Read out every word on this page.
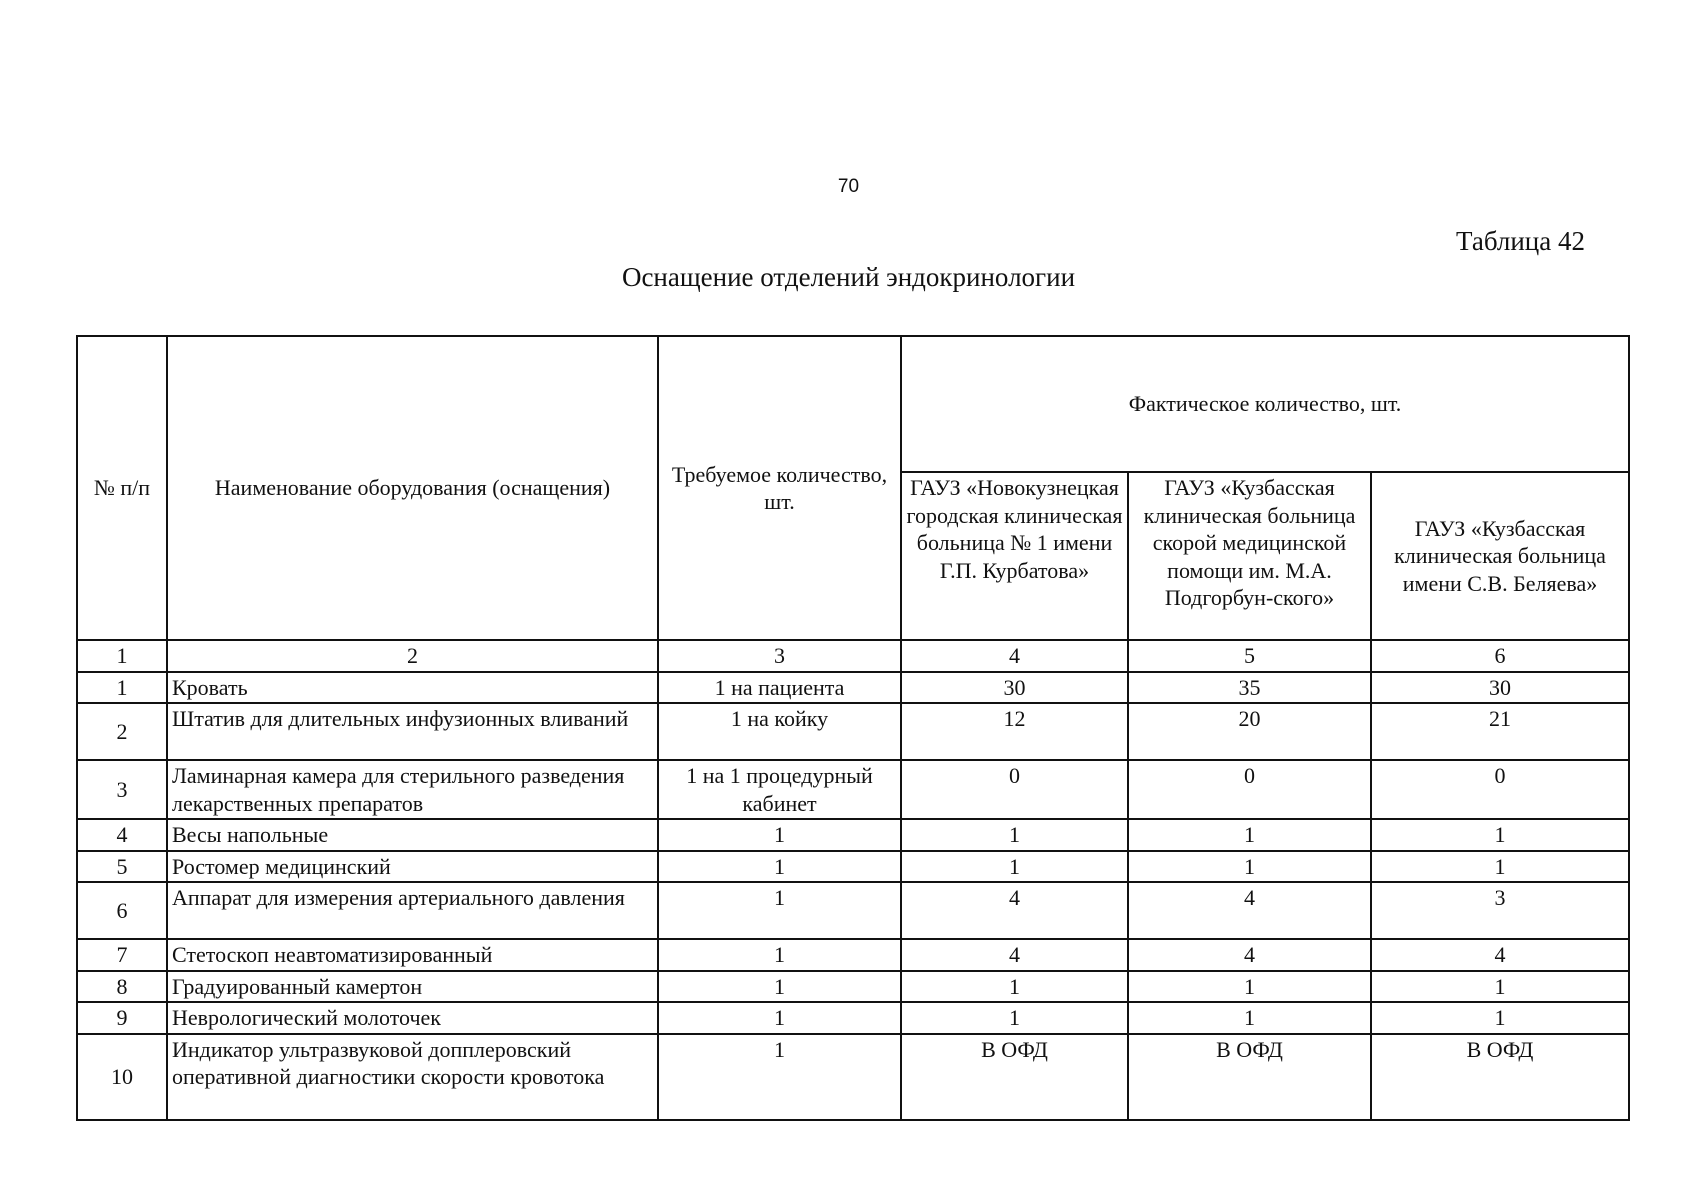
70
Таблица 42
Оснащение отделений эндокринологии
№ п/п	Наименование оборудования (оснащения)	Требуемое количество, шт.	Фактическое количество, шт.		
			ГАУЗ «Новокузнецкая городская клиническая больница № 1 имени Г.П. Курбатова»	ГАУЗ «Кузбасская клиническая больница скорой медицинской помощи им. М.А. Подгорбун-ского»	ГАУЗ «Кузбасская клиническая больница имени С.В. Беляева»
1	2	3	4	5	6
1	Кровать	1 на пациента	30	35	30
2	Штатив для длительных инфузионных вливаний	1 на койку	12	20	21
3	Ламинарная камера для стерильного разведения лекарственных препаратов	1 на 1 процедурный кабинет	0	0	0
4	Весы напольные	1	1	1	1
5	Ростомер медицинский	1	1	1	1
6	Аппарат для измерения артериального давления	1	4	4	3
7	Стетоскоп неавтоматизированный	1	4	4	4
8	Градуированный камертон	1	1	1	1
9	Неврологический молоточек	1	1	1	1
10	Индикатор ультразвуковой допплеровский оперативной диагностики скорости кровотока	1	В ОФД	В ОФД	В ОФД
